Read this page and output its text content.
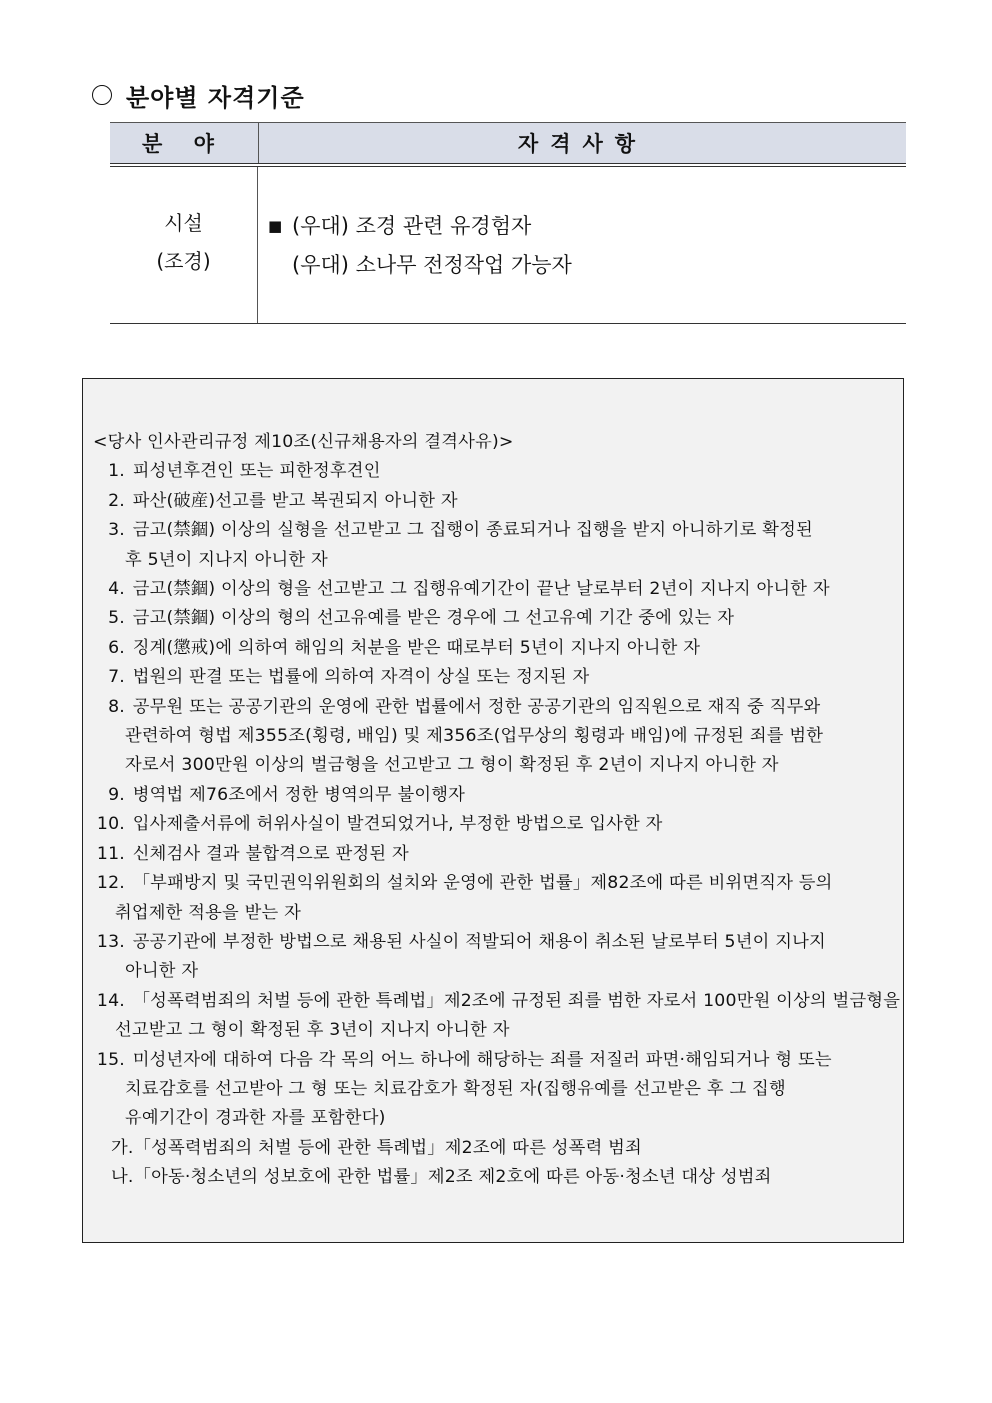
분야별 자격기준
분 야	자격사항
시설
(조경)
■ (우대) 조경 관련 유경험자
(우대) 소나무 전정작업 가능자
<당사 인사관리규정 제10조(신규채용자의 결격사유)>
1. 피성년후견인 또는 피한정후견인
2. 파산(破産)선고를 받고 복권되지 아니한 자
3. 금고(禁錮) 이상의 실형을 선고받고 그 집행이 종료되거나 집행을 받지 아니하기로 확정된
후 5년이 지나지 아니한 자
4. 금고(禁錮) 이상의 형을 선고받고 그 집행유예기간이 끝난 날로부터 2년이 지나지 아니한 자
5. 금고(禁錮) 이상의 형의 선고유예를 받은 경우에 그 선고유예 기간 중에 있는 자
6. 징계(懲戒)에 의하여 해임의 처분을 받은 때로부터 5년이 지나지 아니한 자
7. 법원의 판결 또는 법률에 의하여 자격이 상실 또는 정지된 자
8. 공무원 또는 공공기관의 운영에 관한 법률에서 정한 공공기관의 임직원으로 재직 중 직무와
관련하여 형법 제355조(횡령, 배임) 및 제356조(업무상의 횡령과 배임)에 규정된 죄를 범한
자로서 300만원 이상의 벌금형을 선고받고 그 형이 확정된 후 2년이 지나지 아니한 자
9. 병역법 제76조에서 정한 병역의무 불이행자
10. 입사제출서류에 허위사실이 발견되었거나, 부정한 방법으로 입사한 자
11. 신체검사 결과 불합격으로 판정된 자
12. 「부패방지 및 국민권익위원회의 설치와 운영에 관한 법률」제82조에 따른 비위면직자 등의
취업제한 적용을 받는 자
13. 공공기관에 부정한 방법으로 채용된 사실이 적발되어 채용이 취소된 날로부터 5년이 지나지
아니한 자
14. 「성폭력범죄의 처벌 등에 관한 특례법」제2조에 규정된 죄를 범한 자로서 100만원 이상의 벌금형을
선고받고 그 형이 확정된 후 3년이 지나지 아니한 자
15. 미성년자에 대하여 다음 각 목의 어느 하나에 해당하는 죄를 저질러 파면·해임되거나 형 또는
치료감호를 선고받아 그 형 또는 치료감호가 확정된 자(집행유예를 선고받은 후 그 집행
유예기간이 경과한 자를 포함한다)
가.「성폭력범죄의 처벌 등에 관한 특례법」제2조에 따른 성폭력 범죄
나.「아동·청소년의 성보호에 관한 법률」제2조 제2호에 따른 아동·청소년 대상 성범죄
